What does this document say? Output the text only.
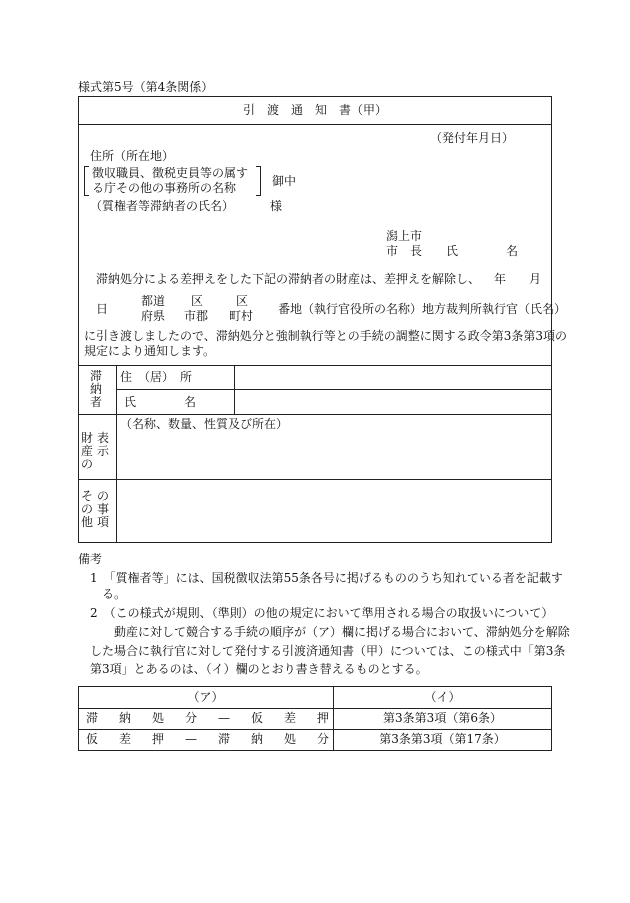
様式第5号（第4条関係）
引　渡　通　知　書（甲）
（発付年月日）
住所（所在地）
徴収職員、徴税吏員等の属す
る庁その他の事務所の名称	御中
（質権者等滞納者の氏名）	様
潟上市
市　長　　氏　　　　名
滞納処分による差押えをした下記の滞納者の財産は、差押えを解除し、 年 月
日
都道
府県
区
市郡
区
町村 番地（執行官役所の名称）地方裁判所執行官（氏名）
に引き渡しましたので、滞納処分と強制執行等との手続の調整に関する政令第3条第3項の
規定により通知します。
滞納者
住　（居）　所
氏　　　　名
財産の
表示
（名称、数量、性質及び所在）
その他
の事項
備考
1　「質権者等」には、国税徴収法第55条各号に掲げるもののうち知れている者を記載す
る。
2　（この様式が規則、（準則）の他の規定において準用される場合の取扱いについて）
動産に対して競合する手続の順序が（ア）欄に掲げる場合において、滞納処分を解除
した場合に執行官に対して発付する引渡済通知書（甲）については、この様式中「第3条
第3項」とあるのは、（イ）欄のとおり書き替えるものとする。
（ア）	（イ）
滞納処分—仮差押	第3条第3項（第6条）
仮差押—滞納処分	第3条第3項（第17条）
